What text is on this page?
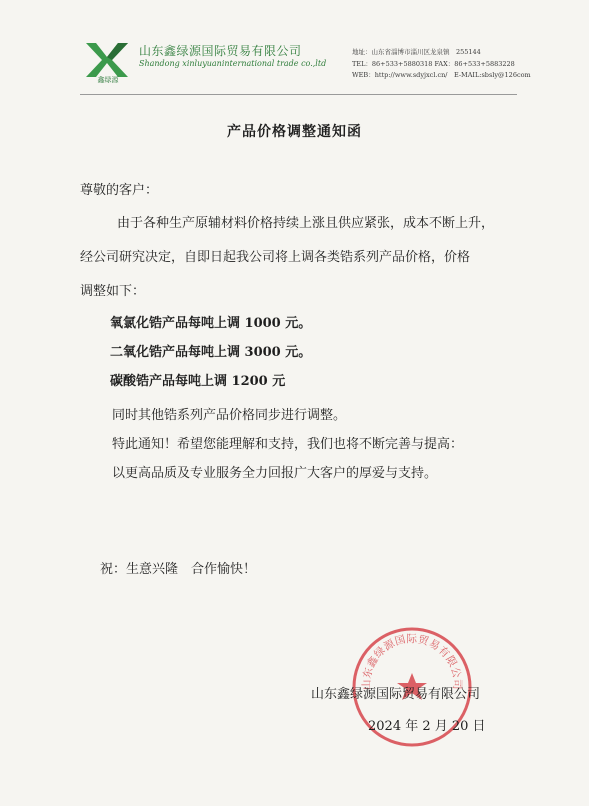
鑫绿源
山东鑫绿源国际贸易有限公司
Shandong xinluyuaninternational trade co.,ltd
地址：山东省淄博市淄川区龙泉镇　255144
TEL：86+533+5880318 FAX：86+533+5883228
WEB：http://www.sdyjxcl.cn/　E-MAIL:sbsly@126com
产品价格调整通知函
尊敬的客户：
由于各种生产原辅材料价格持续上涨且供应紧张，成本不断上升，
经公司研究决定，自即日起我公司将上调各类锆系列产品价格，价格
调整如下：
氧氯化锆产品每吨上调 1000 元。
二氧化锆产品每吨上调 3000 元。
碳酸锆产品每吨上调 1200 元
同时其他锆系列产品价格同步进行调整。
特此通知！希望您能理解和支持，我们也将不断完善与提高：
以更高品质及专业服务全力回报广大客户的厚爱与支持。
祝：生意兴隆　合作愉快！
山东鑫绿源国际贸易有限公司
山东鑫绿源国际贸易有限公司
2024 年 2 月 20 日
